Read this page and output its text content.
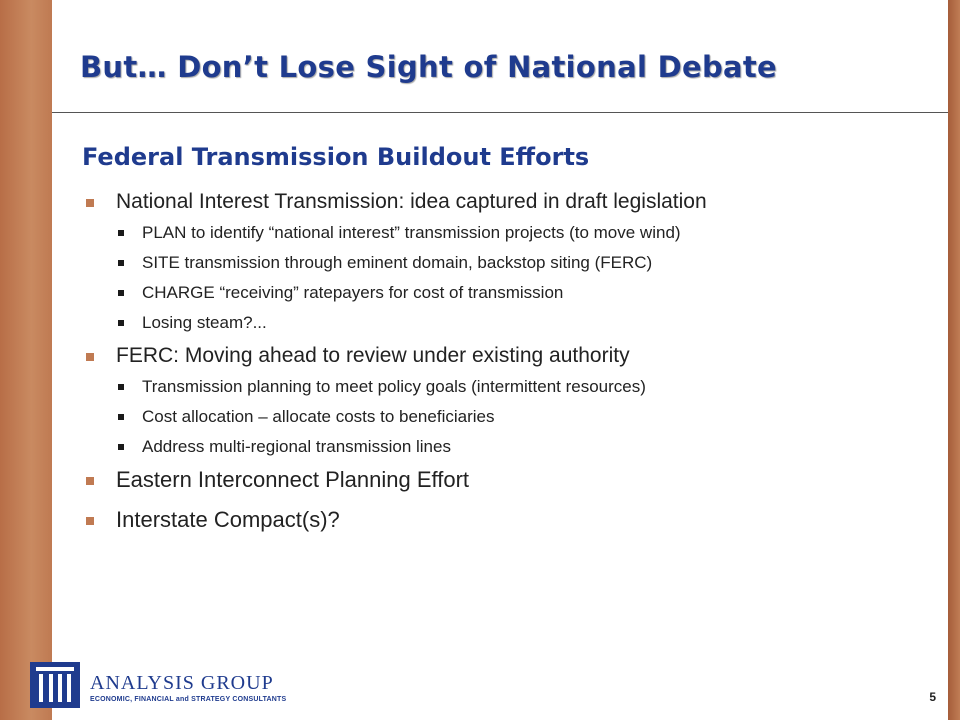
But… Don’t Lose Sight of National Debate
Federal Transmission Buildout Efforts
National Interest Transmission: idea captured in draft legislation
PLAN to identify “national interest” transmission projects (to move wind)
SITE transmission through eminent domain, backstop siting (FERC)
CHARGE “receiving” ratepayers for cost of transmission
Losing steam?...
FERC: Moving ahead to review under existing authority
Transmission planning to meet policy goals (intermittent resources)
Cost allocation – allocate costs to beneficiaries
Address multi-regional transmission lines
Eastern Interconnect Planning Effort
Interstate Compact(s)?
ANALYSIS GROUP
ECONOMIC, FINANCIAL and STRATEGY CONSULTANTS	5
